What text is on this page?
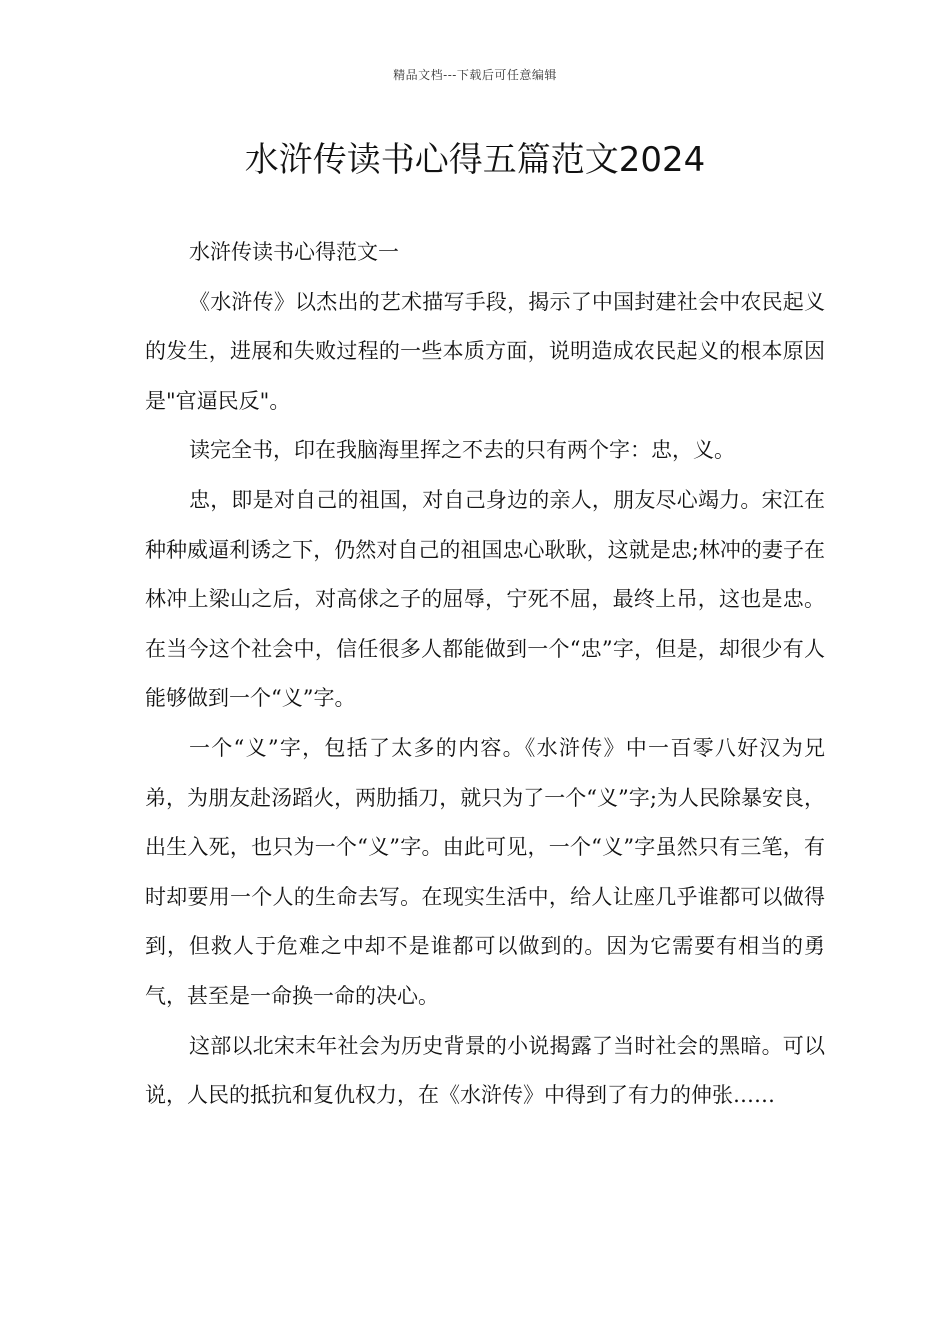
精品文档---下载后可任意编辑
水浒传读书心得五篇范文2024

水浒传读书心得范文一

《水浒传》以杰出的艺术描写手段，揭示了中国封建社会中农民起义的发生，进展和失败过程的一些本质方面，说明造成农民起义的根本原因是"官逼民反"。

读完全书，印在我脑海里挥之不去的只有两个字：忠，义。

忠，即是对自己的祖国，对自己身边的亲人，朋友尽心竭力。宋江在种种威逼利诱之下，仍然对自己的祖国忠心耿耿，这就是忠;林冲的妻子在林冲上梁山之后，对高俅之子的屈辱，宁死不屈，最终上吊，这也是忠。在当今这个社会中，信任很多人都能做到一个“忠”字，但是，却很少有人能够做到一个“义”字。

一个“义”字，包括了太多的内容。《水浒传》中一百零八好汉为兄弟，为朋友赴汤蹈火，两肋插刀，就只为了一个“义”字;为人民除暴安良，出生入死，也只为一个“义”字。由此可见，一个“义”字虽然只有三笔，有时却要用一个人的生命去写。在现实生活中，给人让座几乎谁都可以做得到，但救人于危难之中却不是谁都可以做到的。因为它需要有相当的勇气，甚至是一命换一命的决心。

这部以北宋末年社会为历史背景的小说揭露了当时社会的黑暗。可以说，人民的抵抗和复仇权力，在《水浒传》中得到了有力的伸张……
